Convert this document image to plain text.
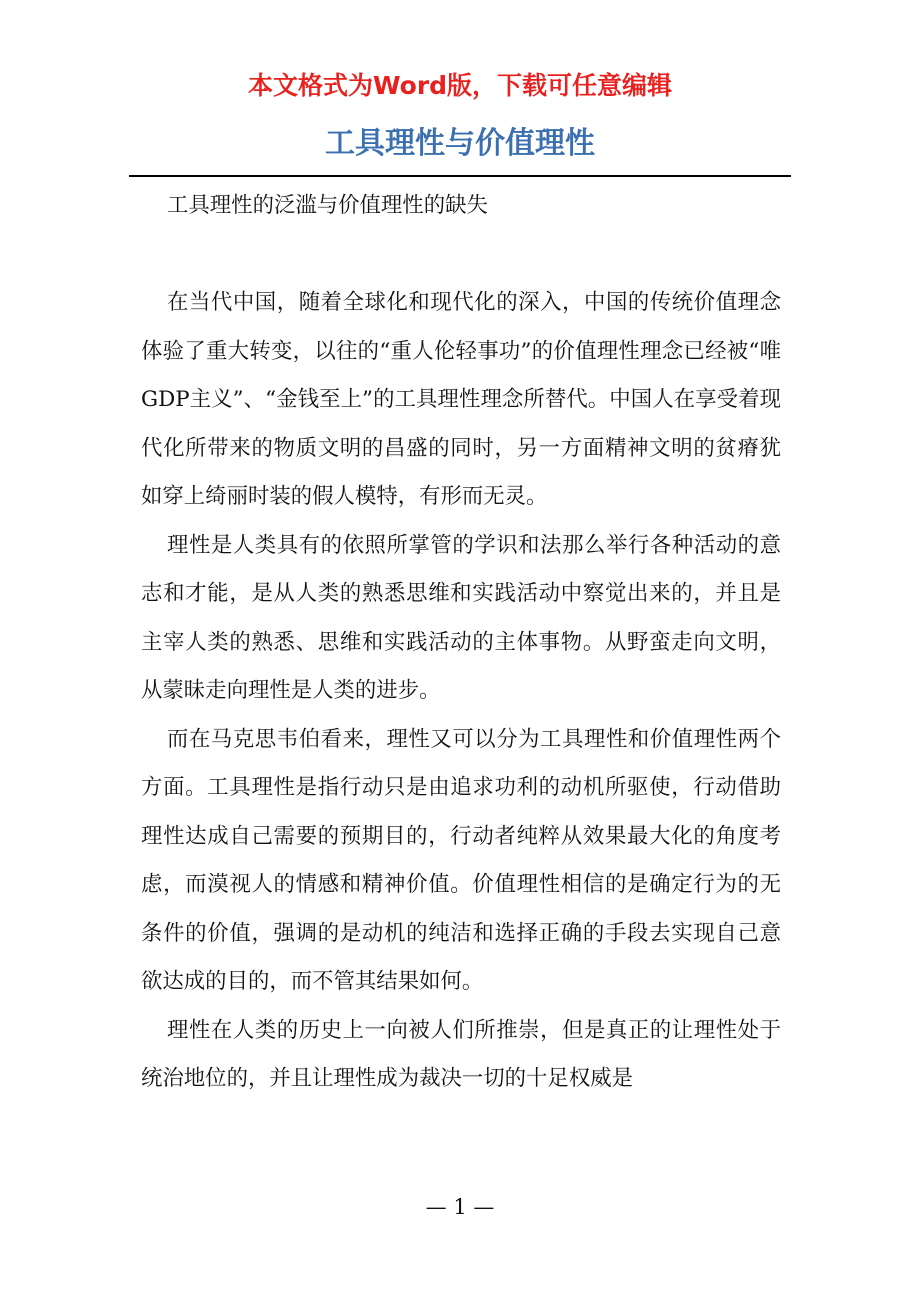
本文格式为Word版，下载可任意编辑
工具理性与价值理性

工具理性的泛滥与价值理性的缺失

在当代中国，随着全球化和现代化的深入，中国的传统价值理念体验了重大转变，以往的“重人伦轻事功”的价值理性理念已经被“唯GDP主义”、“金钱至上”的工具理性理念所替代。中国人在享受着现代化所带来的物质文明的昌盛的同时，另一方面精神文明的贫瘠犹如穿上绮丽时装的假人模特，有形而无灵。

理性是人类具有的依照所掌管的学识和法那么举行各种活动的意志和才能，是从人类的熟悉思维和实践活动中察觉出来的，并且是主宰人类的熟悉、思维和实践活动的主体事物。从野蛮走向文明，从蒙昧走向理性是人类的进步。

而在马克思韦伯看来，理性又可以分为工具理性和价值理性两个方面。工具理性是指行动只是由追求功利的动机所驱使，行动借助理性达成自己需要的预期目的，行动者纯粹从效果最大化的角度考虑，而漠视人的情感和精神价值。价值理性相信的是确定行为的无条件的价值，强调的是动机的纯洁和选择正确的手段去实现自己意欲达成的目的，而不管其结果如何。

理性在人类的历史上一向被人们所推崇，但是真正的让理性处于统治地位的，并且让理性成为裁决一切的十足权威是

— 1 —
